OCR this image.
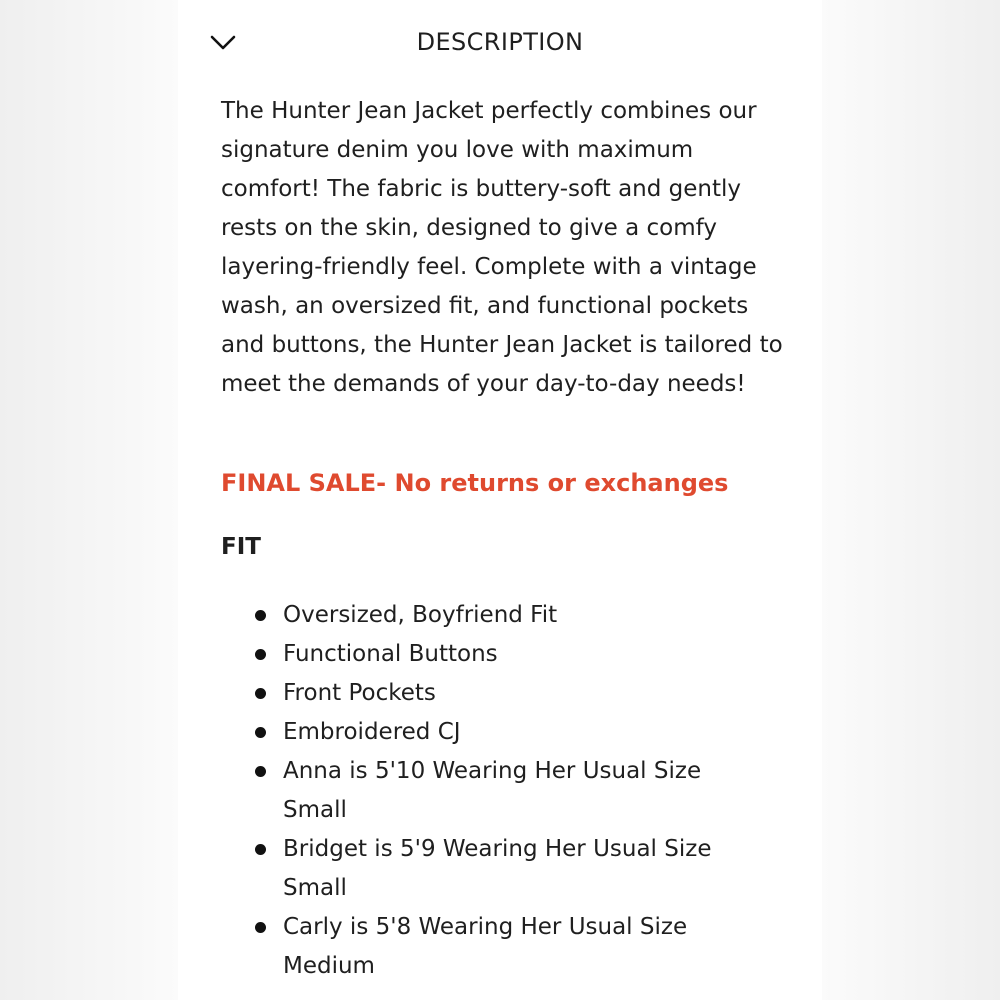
DESCRIPTION

The Hunter Jean Jacket perfectly combines our signature denim you love with maximum comfort! The fabric is buttery-soft and gently rests on the skin, designed to give a comfy layering-friendly feel. Complete with a vintage wash, an oversized fit, and functional pockets and buttons, the Hunter Jean Jacket is tailored to meet the demands of your day-to-day needs!

FINAL SALE- No returns or exchanges

FIT
Oversized, Boyfriend Fit
Functional Buttons
Front Pockets
Embroidered CJ
Anna is 5'10 Wearing Her Usual Size Small
Bridget is 5'9 Wearing Her Usual Size Small
Carly is 5'8 Wearing Her Usual Size Medium
